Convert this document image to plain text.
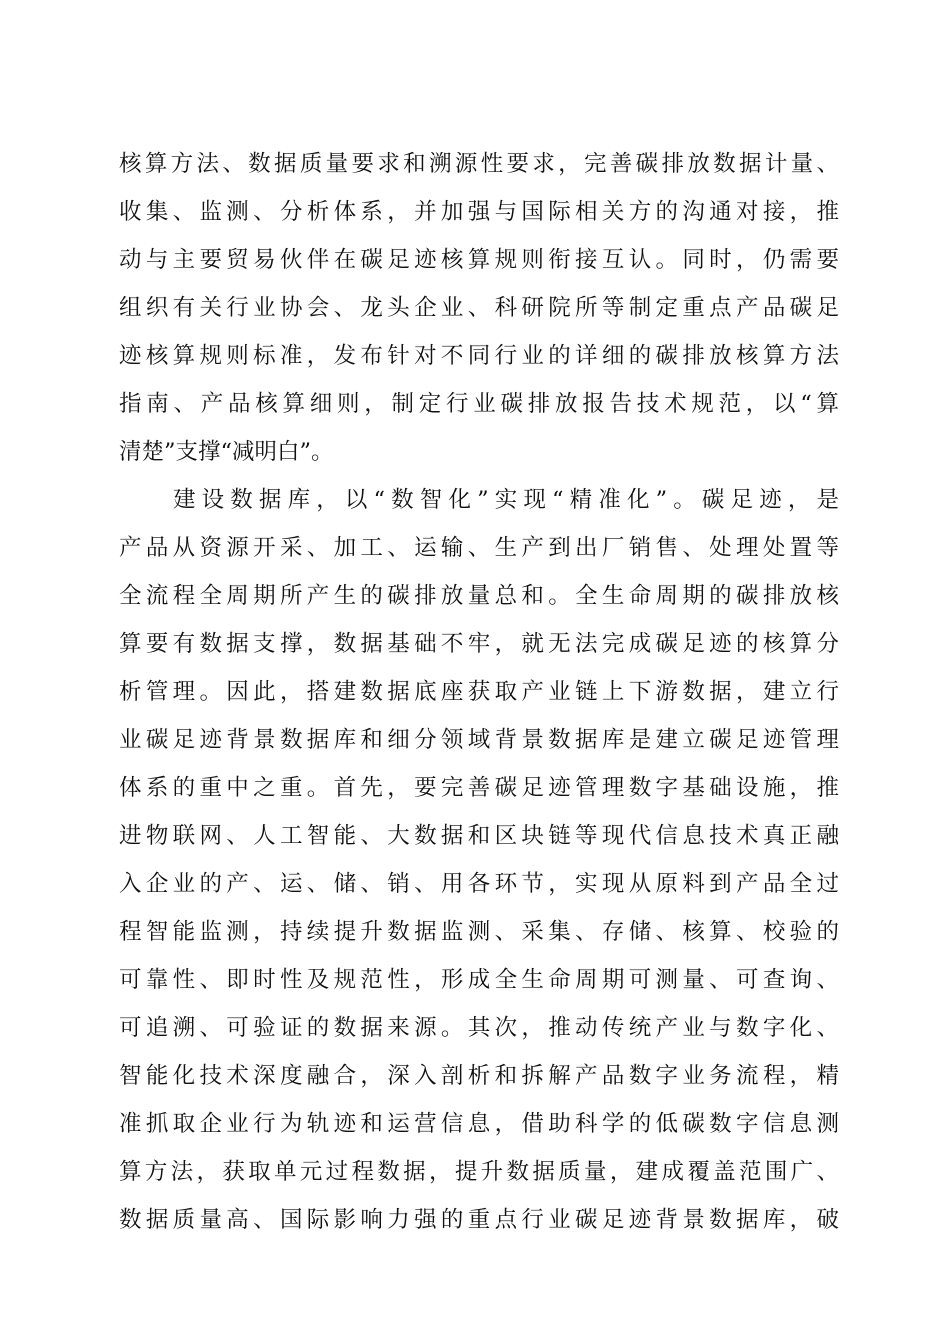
核算方法、数据质量要求和溯源性要求，完善碳排放数据计量、
收集、监测、分析体系，并加强与国际相关方的沟通对接，推
动与主要贸易伙伴在碳足迹核算规则衔接互认。同时，仍需要
组织有关行业协会、龙头企业、科研院所等制定重点产品碳足
迹核算规则标准，发布针对不同行业的详细的碳排放核算方法
指南、产品核算细则，制定行业碳排放报告技术规范，以“算
清楚”支撑“减明白”。
建设数据库，以“数智化”实现“精准化”。碳足迹，是
产品从资源开采、加工、运输、生产到出厂销售、处理处置等
全流程全周期所产生的碳排放量总和。全生命周期的碳排放核
算要有数据支撑，数据基础不牢，就无法完成碳足迹的核算分
析管理。因此，搭建数据底座获取产业链上下游数据，建立行
业碳足迹背景数据库和细分领域背景数据库是建立碳足迹管理
体系的重中之重。首先，要完善碳足迹管理数字基础设施，推
进物联网、人工智能、大数据和区块链等现代信息技术真正融
入企业的产、运、储、销、用各环节，实现从原料到产品全过
程智能监测，持续提升数据监测、采集、存储、核算、校验的
可靠性、即时性及规范性，形成全生命周期可测量、可查询、
可追溯、可验证的数据来源。其次，推动传统产业与数字化、
智能化技术深度融合，深入剖析和拆解产品数字业务流程，精
准抓取企业行为轨迹和运营信息，借助科学的低碳数字信息测
算方法，获取单元过程数据，提升数据质量，建成覆盖范围广、
数据质量高、国际影响力强的重点行业碳足迹背景数据库，破
